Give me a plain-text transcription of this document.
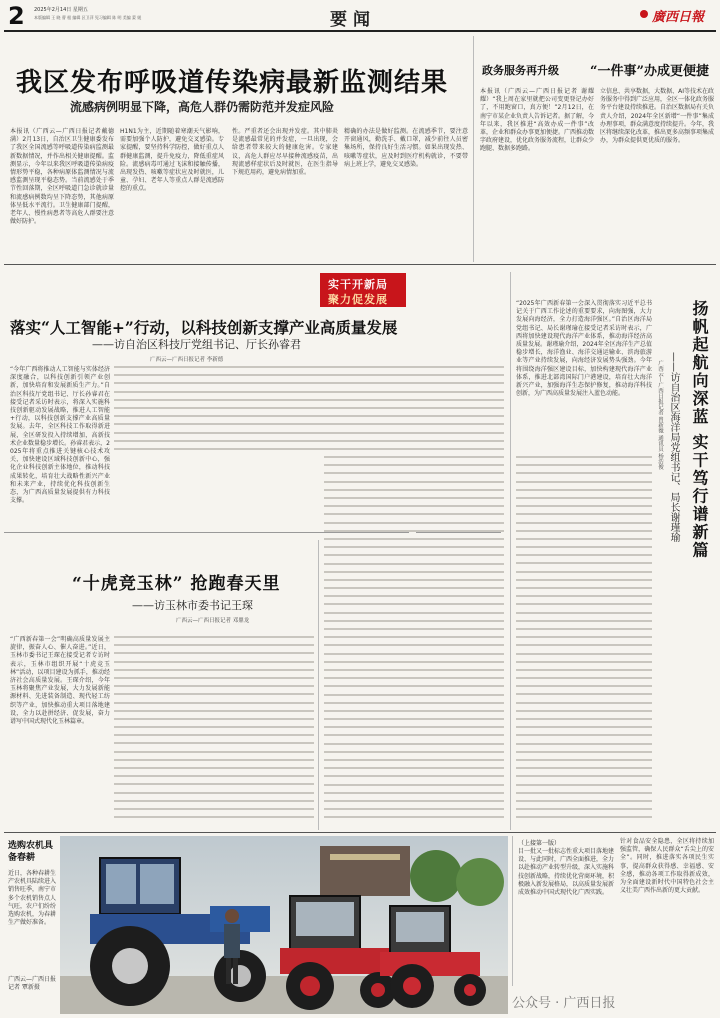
2 2025年2月14日 星期五
本版编辑 王 晓 曹 根 编辑 区卫萍 见习编辑 陈 明 美编 蒙 媛	要闻	廣西日報
我区发布呼吸道传染病最新监测结果
流感病例明显下降，高危人群仍需防范并发症风险
本报讯（广西云—广西日报记者戴德满）2月13日，自治区卫生健康委发布了我区全国流感等呼吸道传染病监测最新数据情况，并作出相关健康提醒。监测显示，今年以来我区呼吸道传染病疫情形势平稳，各种病原体监测情况与流感监测呈现平稳态势。当前流感处于季节性回落期，全区呼吸道门急诊就诊量和流感病例数均呈下降态势，其他病原体呈低水平流行。卫生健康部门提醒，老年人、慢性病患者等高危人群要注意做好防护。
H1N1为主，近期随着寒潮天气影响，需要加强个人防护，避免交叉感染。专家提醒，要坚持科学防控，做好重点人群健康监测，提升免疫力，降低重症风险。流感病毒可通过飞沫和接触传播，出现发热、咳嗽等症状应及时就医，儿童、孕妇、老年人等重点人群是流感防控的重点。
性。严重者还会出现并发症。其中肺炎是流感最常见的并发症，一旦出现，会给患者带来较大的健康危害。专家建议，高危人群应尽早接种流感疫苗，出现流感样症状后及时就医，在医生指导下规范用药，避免病情加重。
精确的办法是做好监测。在流感季节，要注意开窗通风，勤洗手、戴口罩，减少前往人员密集场所，保持良好生活习惯。如果出现发热、咳嗽等症状，应及时到医疗机构就诊，不要带病上班上学，避免交叉感染。
政务服务再升级 “一件事”办成更便捷
本报讯（广西云—广西日报记者 谢耀耀）“我上周在家里就把公司变更登记办好了，不用跑窗口，真方便！”2月12日，在南宁市某企业负责人告诉记者。据了解，今年以来，我区推进“高效办成一件事”改革，企业和群众办事更加便捷。广西推动数字政府建设，优化政务服务流程，让群众少跑腿、数据多跑路。
立信息、共享数据，大数据、AI等技术在政务服务中得到广泛应用，全区一体化政务服务平台建设持续推进。自治区数据局有关负责人介绍，2024年全区新增“一件事”集成办理事项，群众满意度持续提升。今年，我区将继续深化改革，推出更多高频事项集成办，为群众提供更优质的服务。
实干开新局
聚力促发展
落实“人工智能+”行动，以科技创新支撑产业高质量发展
——访自治区科技厅党组书记、厅长孙睿君
广西云—广西日报记者 李新德
“今年广西将推动人工智能与实体经济深度融合，以科技创新引领产业创新，加快培育和发展新质生产力。”自治区科技厅党组书记、厅长孙睿君在接受记者采访时表示，将深入实施科技创新驱动发展战略，推进人工智能+行动，以科技创新支撑产业高质量发展。去年，全区科技工作取得新进展，全区研发投入持续增加，高新技术企业数量稳步增长。孙睿君表示，2025年将重点推进关键核心技术攻关，加快建设区域科技创新中心，强化企业科技创新主体地位，推动科技成果转化，培育壮大战略性新兴产业和未来产业，持续优化科技创新生态，为广西高质量发展提供有力科技支撑。
“十虎竞玉林” 抢跑春天里
——访玉林市委书记王琛
广西云—广西日报记者 邓鼎龙
“广西新春第一会”明确高质量发展主旋律，振奋人心、催人奋进。”近日，玉林市委书记王琛在接受记者专访时表示，玉林市组织开展“十虎竞玉林”活动，以项目建设为抓手，推动经济社会高质量发展。王琛介绍，今年玉林将聚焦产业发展，大力发展新能源材料、先进装备制造、现代轻工纺织等产业，加快推动重大项目落地建设，全力以赴拼经济、促发展，奋力谱写中国式现代化玉林篇章。
“2025年广西新春第一会深入贯彻落实习近平总书记关于广西工作论述的重要要求，向海图强，大力发展向海经济，全力打造海洋强区。”自治区海洋局党组书记、局长谢瑾瑜在接受记者采访时表示，广西将加快建设现代海洋产业体系，推动海洋经济高质量发展。谢瑾瑜介绍，2024年全区海洋生产总值稳步增长，海洋渔业、海洋交通运输业、滨海旅游业等产业持续发展，向海经济发展势头强劲。今年将围绕海洋强区建设目标，加快构建现代海洋产业体系，推进北部湾国际门户港建设，培育壮大海洋新兴产业，加强海洋生态保护修复，推动海洋科技创新，为广西高质量发展注入蓝色动能。	扬帆起航向深蓝 实干笃行谱新篇
——访自治区海洋局党组书记、局长谢瑾瑜
广西云—广西日报记者 曾新薇 通讯员 杨浩俊
选购农机具 备春耕
近日，各种春耕生产农机具陆续进入销售旺季，南宁市多个农机销售点人气旺，农户们纷纷选购农机，为春耕生产做好准备。
广西云—广西日报记者 覃新摄
公众号 · 广西日报
（上接第一版）
目一批又一批标志性重大项目落地建设、与此同时，广西全面推进，全力以赴推动产业转型升级，深入实施科技创新战略，持续优化营商环境，积极融入新发展格局，以高质量发展新成效推动中国式现代化广西实践。
针对食品安全隐患，全区将持续加强监管，确保人民群众“舌尖上的安全”。同时，推进落实各项民生实事，提高群众获得感、幸福感、安全感，推动各项工作取得新成效，为全面建设新时代中国特色社会主义壮美广西作出新的更大贡献。
